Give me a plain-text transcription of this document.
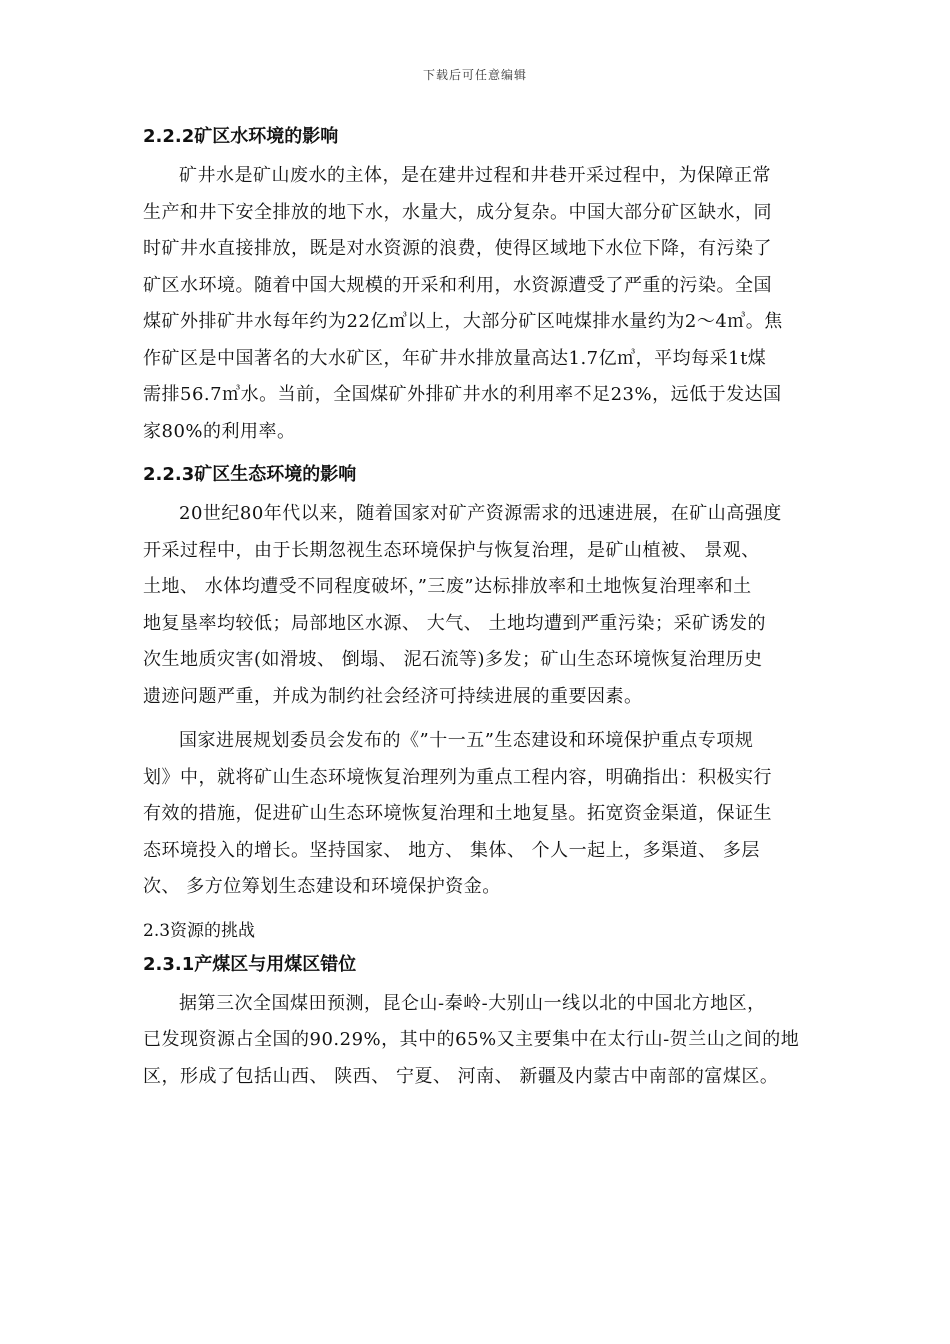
下载后可任意编辑
2.2.2矿区水环境的影响
矿井水是矿山废水的主体，是在建井过程和井巷开采过程中，为保障正常
生产和井下安全排放的地下水，水量大，成分复杂。中国大部分矿区缺水，同
时矿井水直接排放，既是对水资源的浪费，使得区域地下水位下降，有污染了
矿区水环境。随着中国大规模的开采和利用，水资源遭受了严重的污染。全国
煤矿外排矿井水每年约为22亿㎥以上，大部分矿区吨煤排水量约为2～4㎥。焦
作矿区是中国著名的大水矿区，年矿井水排放量高达1.7亿㎥，平均每采1t煤
需排56.7㎥水。当前，全国煤矿外排矿井水的利用率不足23%，远低于发达国
家80%的利用率。
2.2.3矿区生态环境的影响
20世纪80年代以来，随着国家对矿产资源需求的迅速进展，在矿山高强度
开采过程中，由于长期忽视生态环境保护与恢复治理，是矿山植被、 景观、
土地、 水体均遭受不同程度破坏，”三废”达标排放率和土地恢复治理率和土
地复垦率均较低；局部地区水源、 大气、 土地均遭到严重污染；采矿诱发的
次生地质灾害(如滑坡、 倒塌、 泥石流等)多发；矿山生态环境恢复治理历史
遗迹问题严重，并成为制约社会经济可持续进展的重要因素。
国家进展规划委员会发布的《”十一五”生态建设和环境保护重点专项规
划》中，就将矿山生态环境恢复治理列为重点工程内容，明确指出：积极实行
有效的措施，促进矿山生态环境恢复治理和土地复垦。拓宽资金渠道，保证生
态环境投入的增长。坚持国家、 地方、 集体、 个人一起上，多渠道、 多层
次、 多方位筹划生态建设和环境保护资金。
2.3资源的挑战
2.3.1产煤区与用煤区错位
据第三次全国煤田预测，昆仑山-秦岭-大别山一线以北的中国北方地区，
已发现资源占全国的90.29%，其中的65%又主要集中在太行山-贺兰山之间的地
区，形成了包括山西、 陕西、 宁夏、 河南、 新疆及内蒙古中南部的富煤区。
